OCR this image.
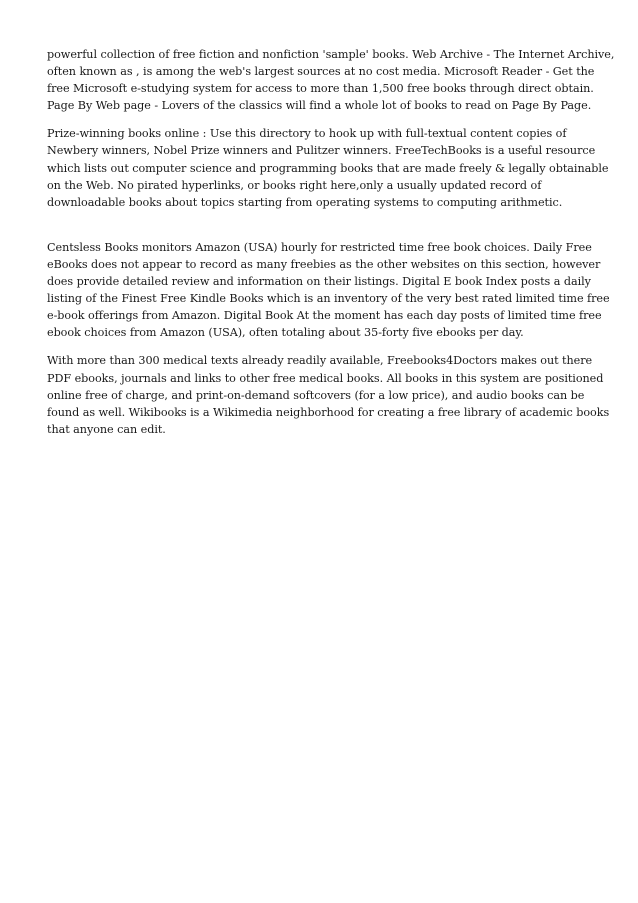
powerful collection of free fiction and nonfiction 'sample' books. Web Archive - The Internet Archive,
often known as , is among the web's largest sources at no cost media. Microsoft Reader - Get the
free Microsoft e-studying system for access to more than 1,500 free books through direct obtain.
Page By Web page - Lovers of the classics will find a whole lot of books to read on Page By Page.
Prize-winning books online : Use this directory to hook up with full-textual content copies of
Newbery winners, Nobel Prize winners and Pulitzer winners. FreeTechBooks is a useful resource
which lists out computer science and programming books that are made freely & legally obtainable
on the Web. No pirated hyperlinks, or books right here,only a usually updated record of
downloadable books about topics starting from operating systems to computing arithmetic.
Centsless Books monitors Amazon (USA) hourly for restricted time free book choices. Daily Free
eBooks does not appear to record as many freebies as the other websites on this section, however
does provide detailed review and information on their listings. Digital E book Index posts a daily
listing of the Finest Free Kindle Books which is an inventory of the very best rated limited time free
e-book offerings from Amazon. Digital Book At the moment has each day posts of limited time free
ebook choices from Amazon (USA), often totaling about 35-forty five ebooks per day.
With more than 300 medical texts already readily available, Freebooks4Doctors makes out there
PDF ebooks, journals and links to other free medical books. All books in this system are positioned
online free of charge, and print-on-demand softcovers (for a low price), and audio books can be
found as well. Wikibooks is a Wikimedia neighborhood for creating a free library of academic books
that anyone can edit.
